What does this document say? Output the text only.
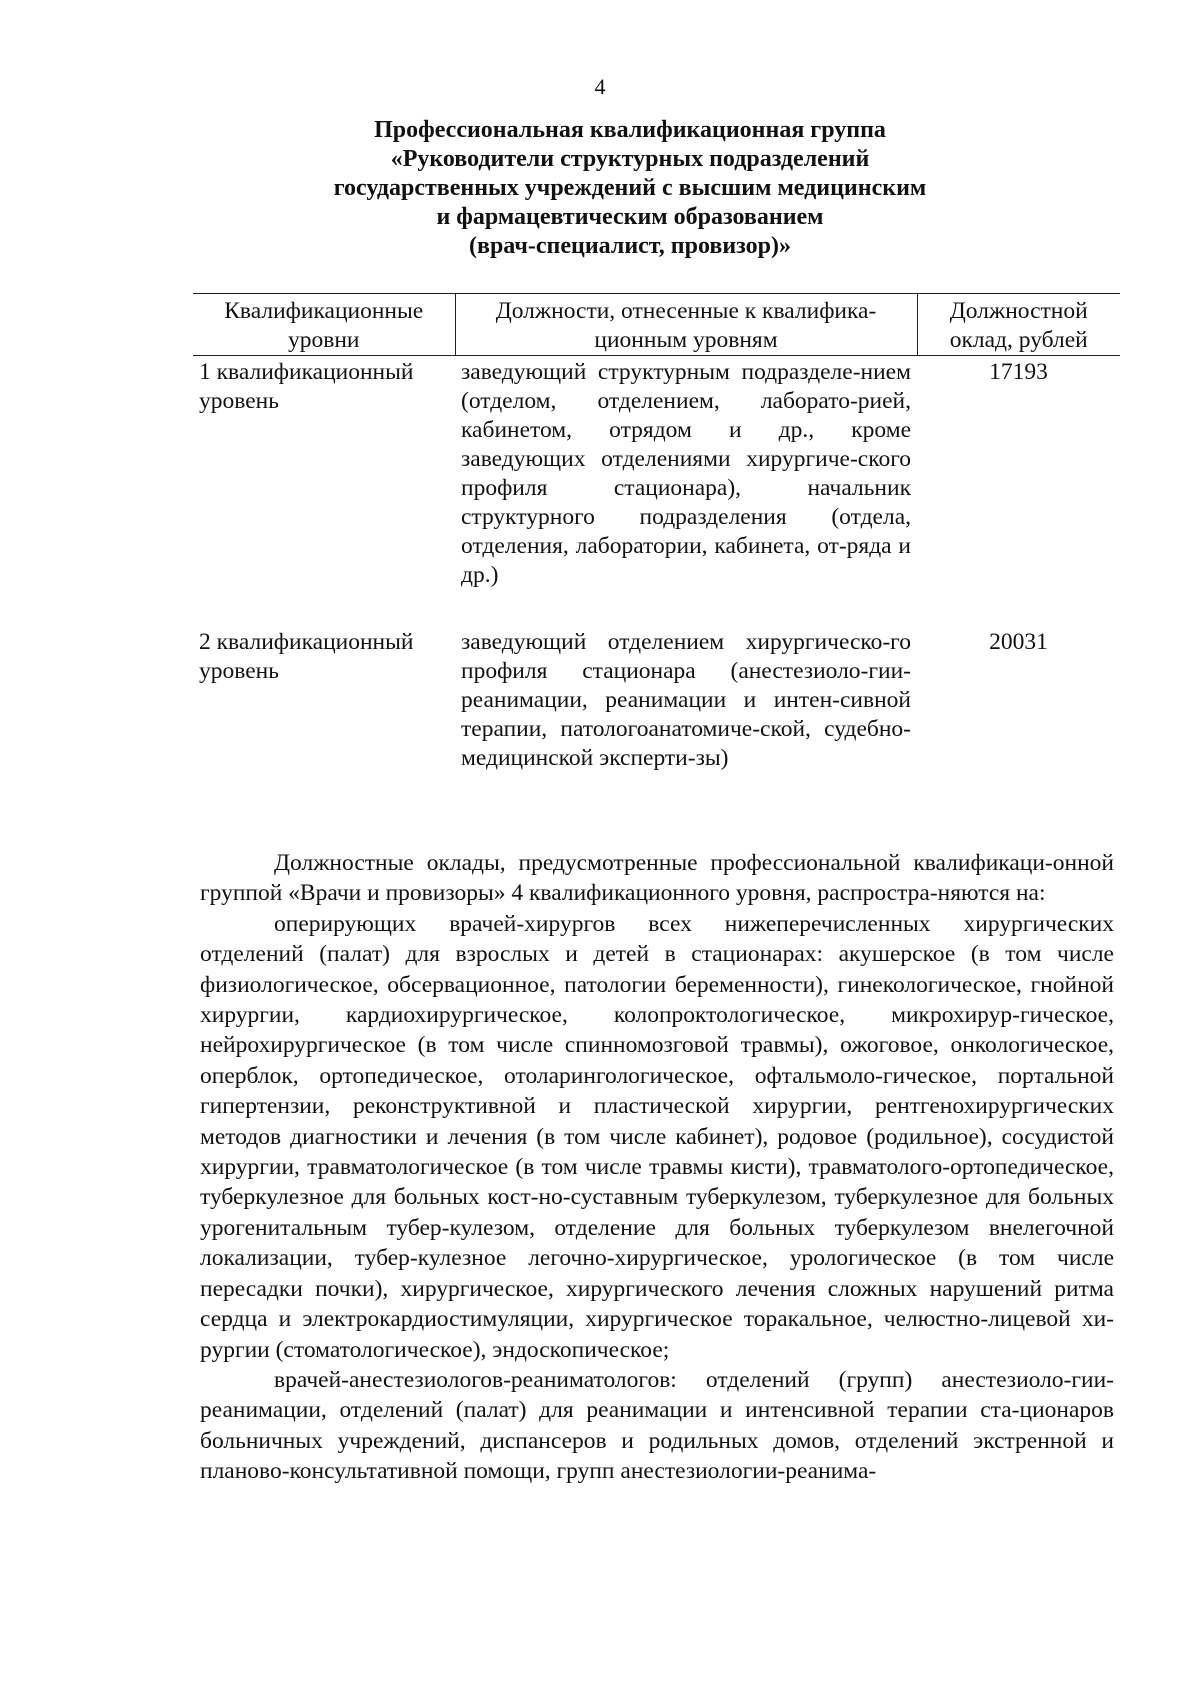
4
Профессиональная квалификационная группа
«Руководители структурных подразделений
государственных учреждений с высшим медицинским
и фармацевтическим образованием
(врач-специалист, провизор)»
Квалификационные уровни	Должности, отнесенные к квалифика-ционным уровням	Должностной оклад, рублей
1 квалификационный уровень	заведующий структурным подразделе-нием (отделом, отделением, лаборато-рией, кабинетом, отрядом и др., кроме заведующих отделениями хирургиче-ского профиля стационара), начальник структурного подразделения (отдела, отделения, лаборатории, кабинета, от-ряда и др.)	17193
2 квалификационный уровень	заведующий отделением хирургическо-го профиля стационара (анестезиоло-гии-реанимации, реанимации и интен-сивной терапии, патологоанатомиче-ской, судебно-медицинской эксперти-зы)	20031

Должностные оклады, предусмотренные профессиональной квалификаци-онной группой «Врачи и провизоры» 4 квалификационного уровня, распростра-няются на:

оперирующих врачей-хирургов всех нижеперечисленных хирургических отделений (палат) для взрослых и детей в стационарах: акушерское (в том числе физиологическое, обсервационное, патологии беременности), гинекологическое, гнойной хирургии, кардиохирургическое, колопроктологическое, микрохирур-гическое, нейрохирургическое (в том числе спинномозговой травмы), ожоговое, онкологическое, оперблок, ортопедическое, отоларингологическое, офтальмоло-гическое, портальной гипертензии, реконструктивной и пластической хирургии, рентгенохирургических методов диагностики и лечения (в том числе кабинет), родовое (родильное), сосудистой хирургии, травматологическое (в том числе травмы кисти), травматолого-ортопедическое, туберкулезное для больных кост-но-суставным туберкулезом, туберкулезное для больных урогенитальным тубер-кулезом, отделение для больных туберкулезом внелегочной локализации, тубер-кулезное легочно-хирургическое, урологическое (в том числе пересадки почки), хирургическое, хирургического лечения сложных нарушений ритма сердца и электрокардиостимуляции, хирургическое торакальное, челюстно-лицевой хи-рургии (стоматологическое), эндоскопическое;

врачей-анестезиологов-реаниматологов: отделений (групп) анестезиоло-гии-реанимации, отделений (палат) для реанимации и интенсивной терапии ста-ционаров больничных учреждений, диспансеров и родильных домов, отделений экстренной и планово-консультативной помощи, групп анестезиологии-реанима-
